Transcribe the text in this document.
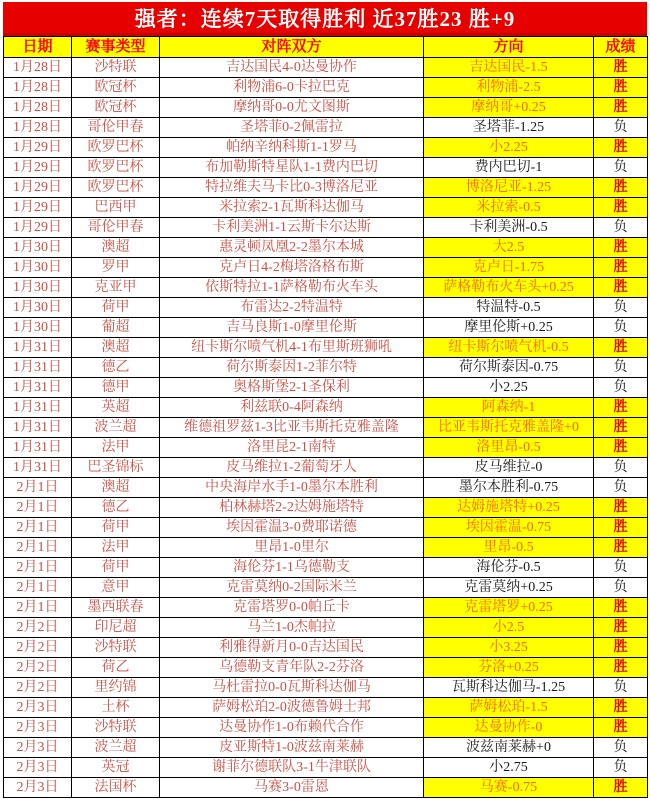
强者：连续7天取得胜利 近37胜23 胜+9
日期	赛事类型	对阵双方	方向	成绩
1月28日	沙特联	吉达国民4-0达曼协作	吉达国民-1.5	胜
1月28日	欧冠杯	利物浦6-0卡拉巴克	利物浦-2.5	胜
1月28日	欧冠杯	摩纳哥0-0尤文图斯	摩纳哥+0.25	胜
1月28日	哥伦甲春	圣塔菲0-2佩雷拉	圣塔菲-1.25	负
1月29日	欧罗巴杯	帕纳辛纳科斯1-1罗马	小2.25	胜
1月29日	欧罗巴杯	布加勒斯特星队1-1费内巴切	费内巴切-1	负
1月29日	欧罗巴杯	特拉维夫马卡比0-3博洛尼亚	博洛尼亚-1.25	胜
1月29日	巴西甲	米拉索2-1瓦斯科达伽马	米拉索-0.5	胜
1月29日	哥伦甲春	卡利美洲1-1云斯卡尔达斯	卡利美洲-0.5	负
1月30日	澳超	惠灵顿凤凰2-2墨尔本城	大2.5	胜
1月30日	罗甲	克卢日4-2梅塔洛格布斯	克卢日-1.75	胜
1月30日	克亚甲	依斯特拉1-1萨格勒布火车头	萨格勒布火车头+0.25	胜
1月30日	荷甲	布雷达2-2特温特	特温特-0.5	负
1月30日	葡超	吉马良斯1-0摩里伦斯	摩里伦斯+0.25	负
1月31日	澳超	纽卡斯尔喷气机4-1布里斯班狮吼	纽卡斯尔喷气机-0.5	胜
1月31日	德乙	荷尔斯泰因1-2菲尔特	荷尔斯泰因-0.75	负
1月31日	德甲	奥格斯堡2-1圣保利	小2.25	负
1月31日	英超	利兹联0-4阿森纳	阿森纳-1	胜
1月31日	波兰超	维德祖罗兹1-3比亚韦斯托克雅盖隆	比亚韦斯托克雅盖隆+0	胜
1月31日	法甲	洛里昆2-1南特	洛里昂-0.5	胜
1月31日	巴圣锦标	皮马维拉1-2葡萄牙人	皮马维拉-0	负
2月1日	澳超	中央海岸水手1-0墨尔本胜利	墨尔本胜利-0.75	负
2月1日	德乙	柏林赫塔2-2达姆施塔特	达姆施塔特+0.25	胜
2月1日	荷甲	埃因霍温3-0费耶诺德	埃因霍温-0.75	胜
2月1日	法甲	里昂1-0里尔	里昂-0.5	胜
2月1日	荷甲	海伦芬1-1乌德勒支	海伦芬-0.5	负
2月1日	意甲	克雷莫纳0-2国际米兰	克雷莫纳+0.25	负
2月1日	墨西联春	克雷塔罗0-0帕丘卡	克雷塔罗+0.25	胜
2月2日	印尼超	马兰1-0杰帕拉	小2.5	胜
2月2日	沙特联	利雅得新月0-0吉达国民	小3.25	胜
2月2日	荷乙	乌德勒支青年队2-2芬洛	芬洛+0.25	胜
2月2日	里约锦	马杜雷拉0-0瓦斯科达伽马	瓦斯科达伽马-1.25	负
2月3日	土杯	萨姆松珀2-0波德鲁姆士邦	萨姆松珀-1.5	胜
2月3日	沙特联	达曼协作1-0布赖代合作	达曼协作-0	胜
2月3日	波兰超	皮亚斯特1-0波兹南莱赫	波兹南莱赫+0	负
2月3日	英冠	谢菲尔德联队3-1牛津联队	小2.75	负
2月3日	法国杯	马赛3-0雷恩	马赛-0.75	胜
